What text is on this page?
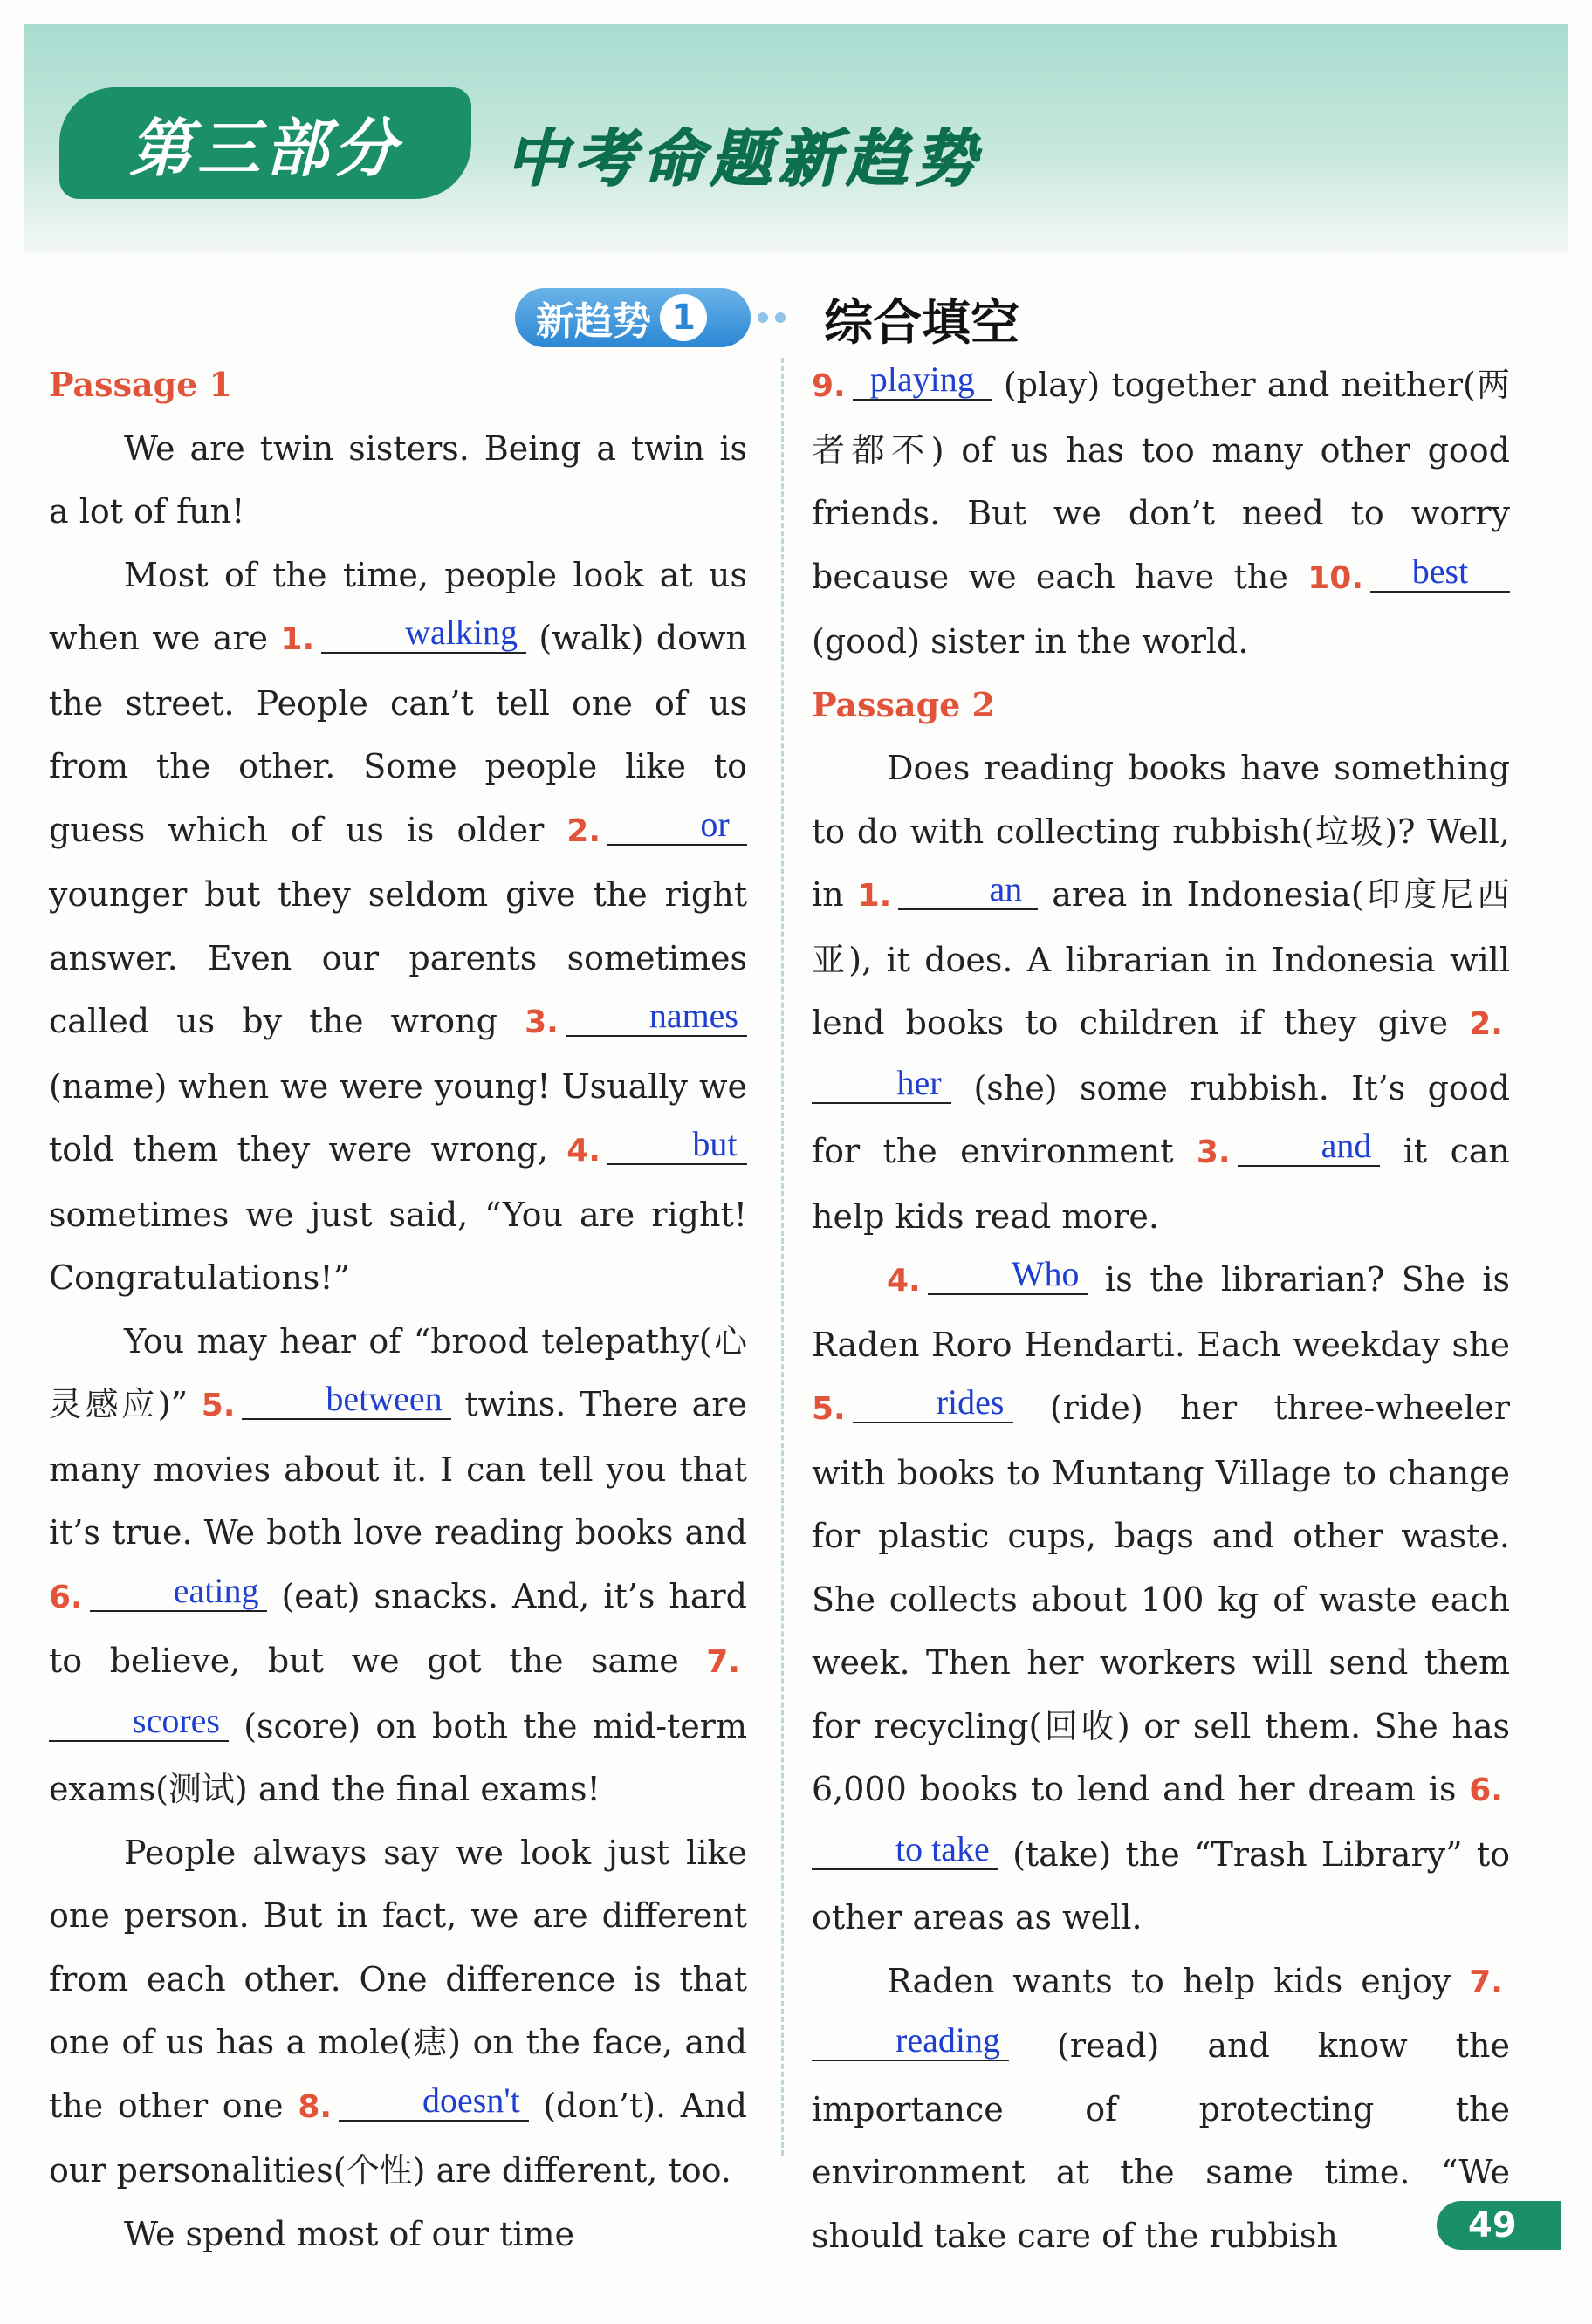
第三部分 中考命题新趋势
新趋势 1	综合填空

Passage 1

We are twin sisters. Being a twin is a lot of fun!

Most of the time, people look at us when we are 1.	walking (walk) down the street. People can’t tell one of us from the other. Some people like to guess which of us is older 2.	or younger but they seldom give the right answer. Even our parents sometimes called us by the wrong 3.	names (name) when we were young! Usually we told them they were wrong, 4.	but sometimes we just said, “You are right! Congratulations!”

You may hear of “brood telepathy(心灵感应)” 5.	between twins. There are many movies about it. I can tell you that it’s true. We both love reading books and 6.	eating (eat) snacks. And, it’s hard to believe, but we got the same 7.scores (score) on both the mid-term exams(测试) and the final exams!

People always say we look just like one person. But in fact, we are different from each other. One difference is that one of us has a mole(痣) on the face, and the other one 8.	doesn't (don’t). And our personalities(个性) are different, too.

We spend most of our time

9. playing (play) together and neither(两者都不) of us has too many other good friends. But we don’t need to worry because we each have the 10. best (good) sister in the world.

Passage 2

Does reading books have something to do with collecting rubbish(垃圾)? Well, in 1.	an area in Indonesia(印度尼西亚), it does. A librarian in Indonesia will lend books to children if they give 2.her (she) some rubbish. It’s good for the environment 3.	and it can help kids read more.

4.	Who is the librarian? She is Raden Roro Hendarti. Each weekday she 5.	rides (ride) her three-wheeler with books to Muntang Village to change for plastic cups, bags and other waste. She collects about 100 kg of waste each week. Then her workers will send them for recycling(回收) or sell them. She has 6,000 books to lend and her dream is 6.to take (take) the “Trash Library” to other areas as well.

Raden wants to help kids enjoy 7.reading (read) and know the importance of protecting the environment at the same time. “We should take care of the rubbish	49
